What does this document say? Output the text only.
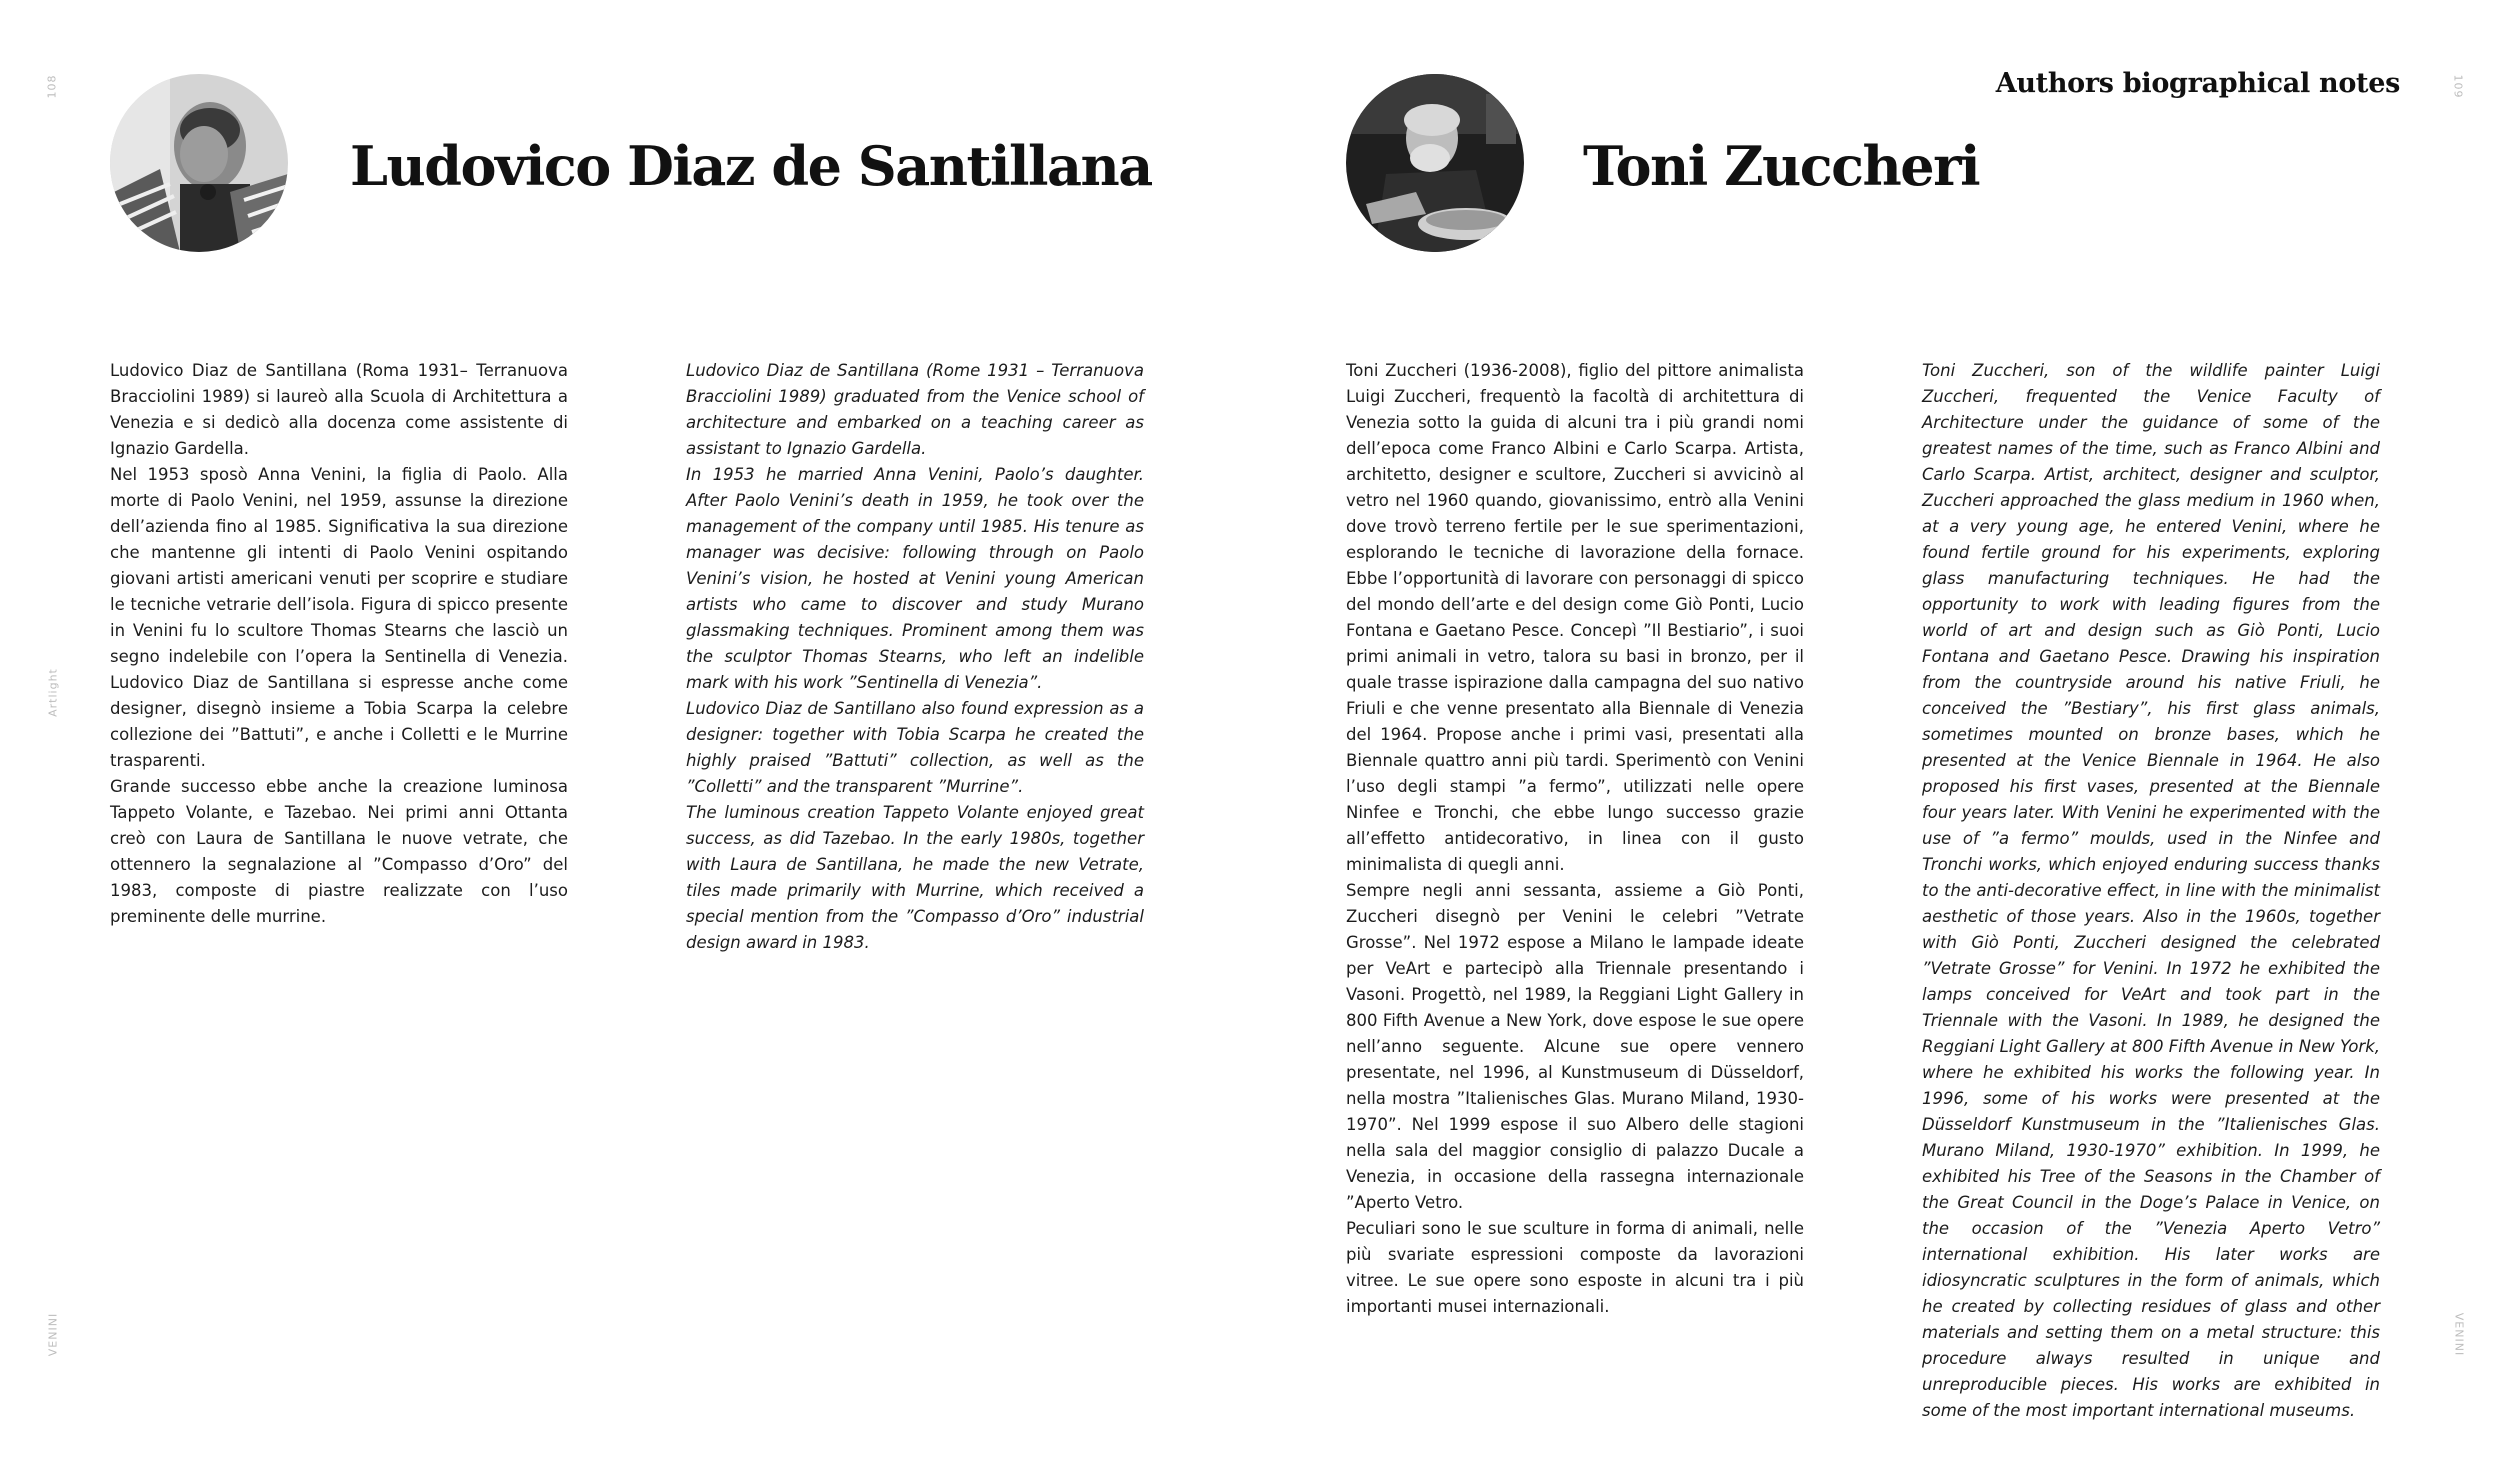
108
Artlight
VENINI
109
VENINI
Authors biographical notes
Ludovico Diaz de Santillana	Toni Zuccheri

Ludovico Diaz de Santillana (Roma 1931– Terranuova Bracciolini 1989) si laureò alla Scuola di Architettura a Venezia e si dedicò alla docenza come assistente di Ignazio Gardella.

Nel 1953 sposò Anna Venini, la figlia di Paolo. Alla morte di Paolo Venini, nel 1959, assunse la direzione dell’azienda fino al 1985. Significativa la sua direzione che mantenne gli intenti di Paolo Venini ospitando giovani artisti americani venuti per scoprire e studiare le tecniche vetrarie dell’isola. Figura di spicco presente in Venini fu lo scultore Thomas Stearns che lasciò un segno indelebile con l’opera la Sentinella di Venezia. Ludovico Diaz de Santillana si espresse anche come designer, disegnò insieme a Tobia Scarpa la celebre collezione dei ”Battuti”, e anche i Colletti e le Murrine trasparenti.

Grande successo ebbe anche la creazione luminosa Tappeto Volante, e Tazebao. Nei primi anni Ottanta creò con Laura de Santillana le nuove vetrate, che ottennero la segnalazione al ”Compasso d’Oro” del 1983, composte di piastre realizzate con l’uso preminente delle murrine.

Ludovico Diaz de Santillana (Rome 1931 – Terranuova Bracciolini 1989) graduated from the Venice school of architecture and embarked on a teaching career as assistant to Ignazio Gardella.

In 1953 he married Anna Venini, Paolo’s daughter. After Paolo Venini’s death in 1959, he took over the management of the company until 1985. His tenure as manager was decisive: following through on Paolo Venini’s vision, he hosted at Venini young American artists who came to discover and study Murano glassmaking techniques. Prominent among them was the sculptor Thomas Stearns, who left an indelible mark with his work ”Sentinella di Venezia”.

Ludovico Diaz de Santillano also found expression as a designer: together with Tobia Scarpa he created the highly praised ”Battuti” collection, as well as the ”Colletti” and the transparent ”Murrine”.

The luminous creation Tappeto Volante enjoyed great success, as did Tazebao. In the early 1980s, together with Laura de Santillana, he made the new Vetrate, tiles made primarily with Murrine, which received a special mention from the ”Compasso d’Oro” industrial design award in 1983.

Toni Zuccheri (1936-2008), figlio del pittore animalista Luigi Zuccheri, frequentò la facoltà di architettura di Venezia sotto la guida di alcuni tra i più grandi nomi dell’epoca come Franco Albini e Carlo Scarpa. Artista, architetto, designer e scultore, Zuccheri si avvicinò al vetro nel 1960 quando, giovanissimo, entrò alla Venini dove trovò terreno fertile per le sue sperimentazioni, esplorando le tecniche di lavorazione della fornace. Ebbe l’opportunità di lavorare con personaggi di spicco del mondo dell’arte e del design come Giò Ponti, Lucio Fontana e Gaetano Pesce. Concepì ”Il Bestiario”, i suoi primi animali in vetro, talora su basi in bronzo, per il quale trasse ispirazione dalla campagna del suo nativo Friuli e che venne presentato alla Biennale di Venezia del 1964. Propose anche i primi vasi, presentati alla Biennale quattro anni più tardi. Sperimentò con Venini l’uso degli stampi ”a fermo”, utilizzati nelle opere Ninfee e Tronchi, che ebbe lungo successo grazie all’effetto antidecorativo, in linea con il gusto minimalista di quegli anni.

Sempre negli anni sessanta, assieme a Giò Ponti, Zuccheri disegnò per Venini le celebri ”Vetrate Grosse”. Nel 1972 espose a Milano le lampade ideate per VeArt e partecipò alla Triennale presentando i Vasoni. Progettò, nel 1989, la Reggiani Light Gallery in 800 Fifth Avenue a New York, dove espose le sue opere nell’anno seguente. Alcune sue opere vennero presentate, nel 1996, al Kunstmuseum di Düsseldorf, nella mostra ”Italienisches Glas. Murano Miland, 1930- 1970”. Nel 1999 espose il suo Albero delle stagioni nella sala del maggior consiglio di palazzo Ducale a Venezia, in occasione della rassegna internazionale ”Aperto Vetro.

Peculiari sono le sue sculture in forma di animali, nelle più svariate espressioni composte da lavorazioni vitree. Le sue opere sono esposte in alcuni tra i più importanti musei internazionali.

Toni Zuccheri, son of the wildlife painter Luigi Zuccheri, frequented the Venice Faculty of Architecture under the guidance of some of the greatest names of the time, such as Franco Albini and Carlo Scarpa. Artist, architect, designer and sculptor, Zuccheri approached the glass medium in 1960 when, at a very young age, he entered Venini, where he found fertile ground for his experiments, exploring glass manufacturing techniques. He had the opportunity to work with leading figures from the world of art and design such as Giò Ponti, Lucio Fontana and Gaetano Pesce. Drawing his inspiration from the countryside around his native Friuli, he conceived the ”Bestiary”, his first glass animals, sometimes mounted on bronze bases, which he presented at the Venice Biennale in 1964. He also proposed his first vases, presented at the Biennale four years later. With Venini he experimented with the use of ”a fermo” moulds, used in the Ninfee and Tronchi works, which enjoyed enduring success thanks to the anti-decorative effect, in line with the minimalist aesthetic of those years. Also in the 1960s, together with Giò Ponti, Zuccheri designed the celebrated ”Vetrate Grosse” for Venini. In 1972 he exhibited the lamps conceived for VeArt and took part in the Triennale with the Vasoni. In 1989, he designed the Reggiani Light Gallery at 800 Fifth Avenue in New York, where he exhibited his works the following year. In 1996, some of his works were presented at the Düsseldorf Kunstmuseum in the ”Italienisches Glas. Murano Miland, 1930-1970” exhibition. In 1999, he exhibited his Tree of the Seasons in the Chamber of the Great Council in the Doge’s Palace in Venice, on the occasion of the ”Venezia Aperto Vetro” international exhibition. His later works are idiosyncratic sculptures in the form of animals, which he created by collecting residues of glass and other materials and setting them on a metal structure: this procedure always resulted in unique and unreproducible pieces. His works are exhibited in some of the most important international museums.
